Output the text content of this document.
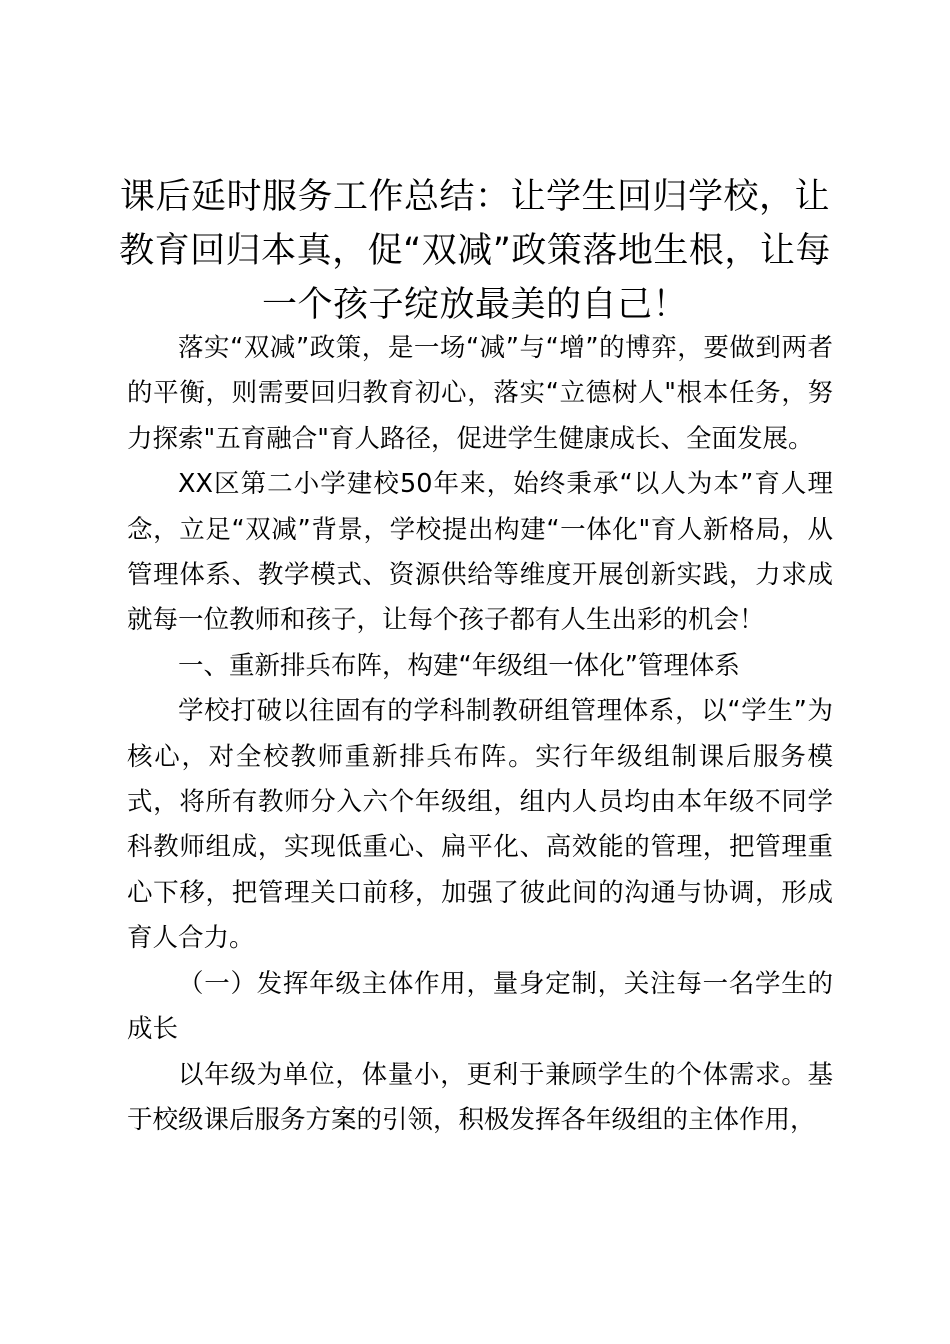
课后延时服务工作总结：让学生回归学校，让教育回归本真，促“双减”政策落地生根，让每一个孩子绽放最美的自己！

落实“双减”政策，是一场“减”与“增”的博弈，要做到两者的平衡，则需要回归教育初心，落实“立德树人"根本任务，努力探索"五育融合"育人路径，促进学生健康成长、全面发展。

XX区第二小学建校50年来，始终秉承“以人为本”育人理念，立足“双减”背景，学校提出构建“一体化"育人新格局，从管理体系、教学模式、资源供给等维度开展创新实践，力求成就每一位教师和孩子，让每个孩子都有人生出彩的机会！

一、重新排兵布阵，构建“年级组一体化”管理体系

学校打破以往固有的学科制教研组管理体系，以“学生”为核心，对全校教师重新排兵布阵。实行年级组制课后服务模式，将所有教师分入六个年级组，组内人员均由本年级不同学科教师组成，实现低重心、扁平化、高效能的管理，把管理重心下移，把管理关口前移，加强了彼此间的沟通与协调，形成育人合力。

（一）发挥年级主体作用，量身定制，关注每一名学生的成长

以年级为单位，体量小，更利于兼顾学生的个体需求。基于校级课后服务方案的引领，积极发挥各年级组的主体作用，
